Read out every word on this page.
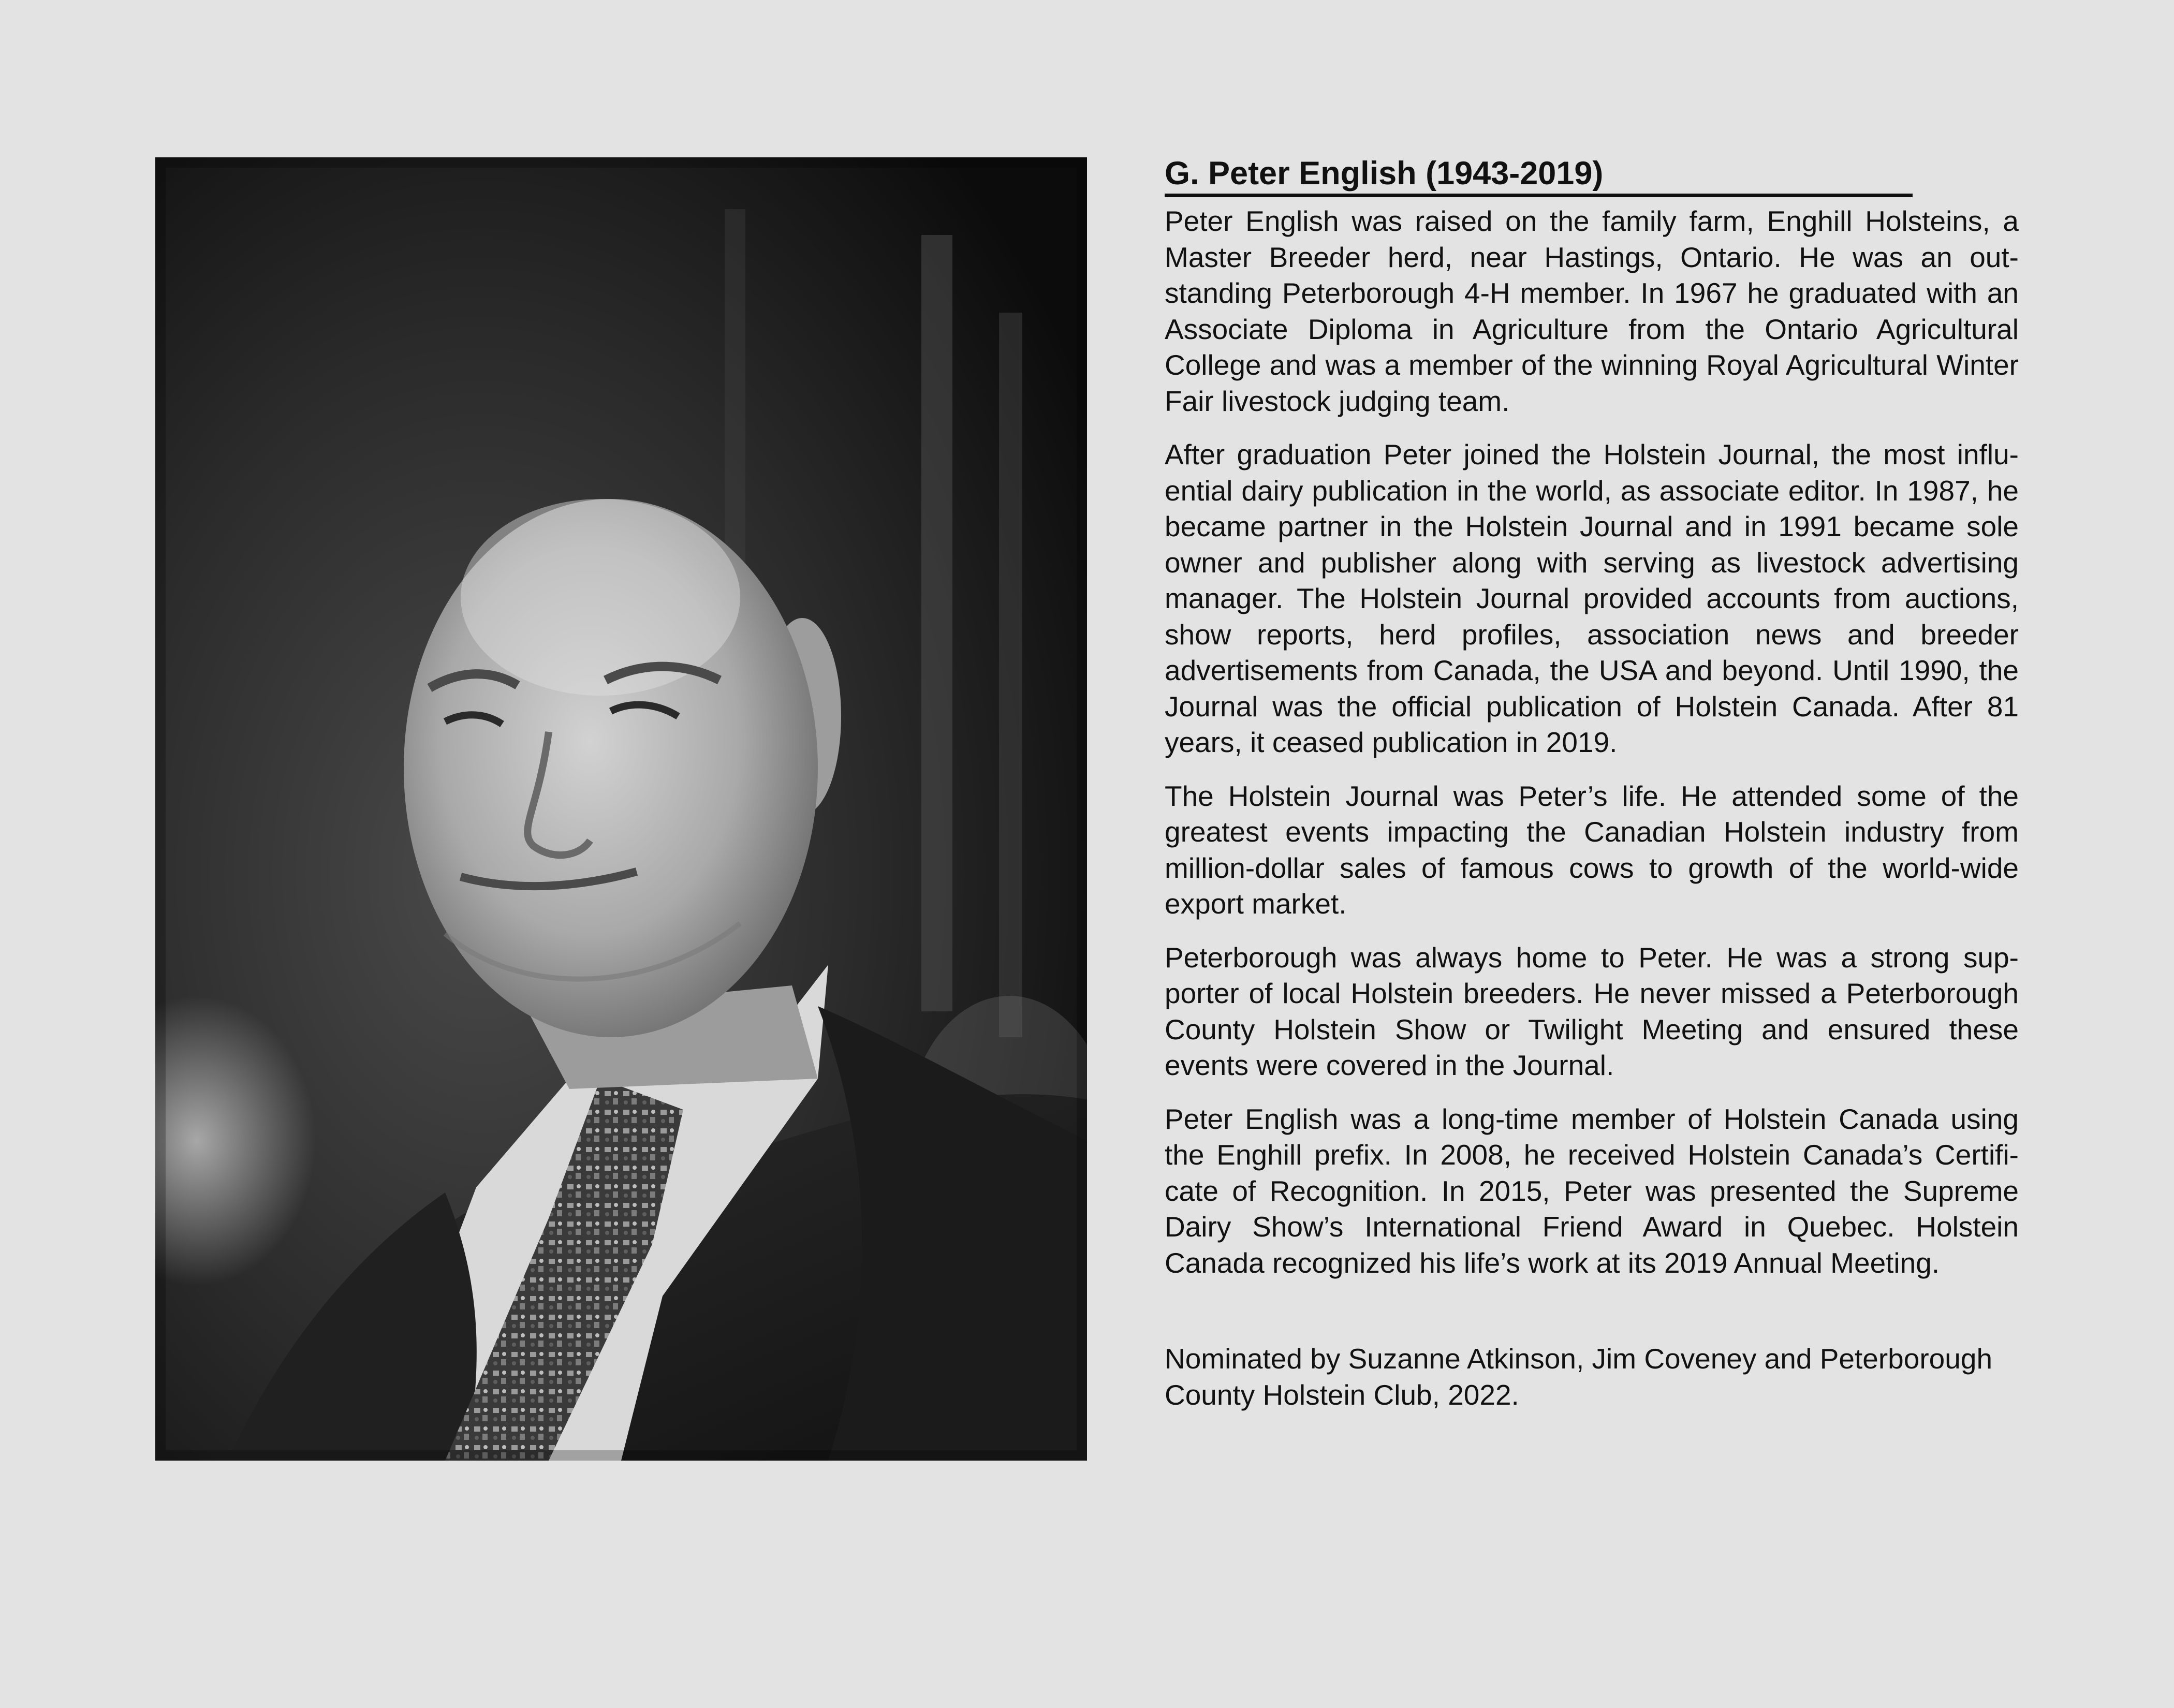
G. Peter English (1943-2019)

Peter English was raised on the family farm, Enghill Holsteins, a Master Breeder herd, near Hastings, Ontario. He was an outstanding Peterborough 4-H member. In 1967 he graduated with an Associate Diploma in Agriculture from the Ontario Agricultural College and was a member of the winning Royal Agricultural Winter Fair livestock judging team.

After graduation Peter joined the Holstein Journal, the most influential dairy publication in the world, as associate editor. In 1987, he became partner in the Holstein Journal and in 1991 became sole owner and publisher along with serving as livestock advertising manager. The Holstein Journal provided accounts from auctions, show reports, herd profiles, association news and breeder advertisements from Canada, the USA and beyond. Until 1990, the Journal was the official publication of Holstein Canada. After 81 years, it ceased publication in 2019.

The Holstein Journal was Peter’s life. He attended some of the greatest events impacting the Canadian Holstein industry from million-dollar sales of famous cows to growth of the world-wide export market.

Peterborough was always home to Peter. He was a strong supporter of local Holstein breeders. He never missed a Peterborough County Holstein Show or Twilight Meeting and ensured these events were covered in the Journal.

Peter English was a long-time member of Holstein Canada using the Enghill prefix. In 2008, he received Holstein Canada’s Certificate of Recognition. In 2015, Peter was presented the Supreme Dairy Show’s International Friend Award in Quebec. Holstein Canada recognized his life’s work at its 2019 Annual Meeting.

Nominated by Suzanne Atkinson, Jim Coveney and Peterborough County Holstein Club, 2022.
